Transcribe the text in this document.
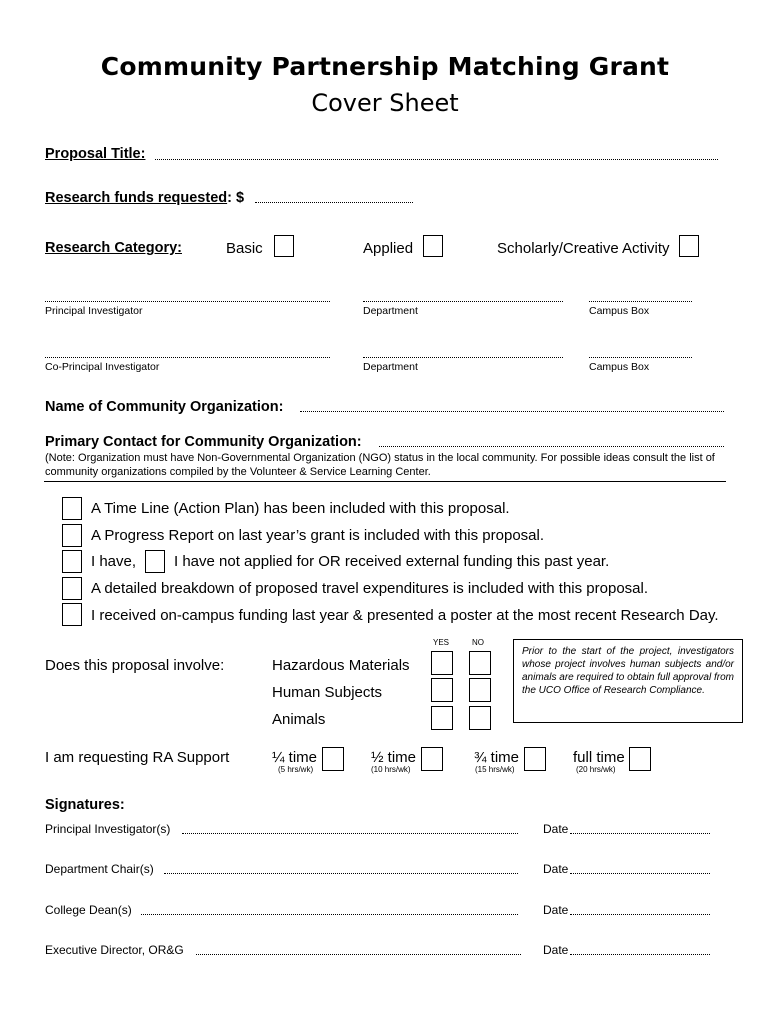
Community Partnership Matching Grant
Cover Sheet
Proposal Title:
Research funds requested: $
Research Category:	Basic	Applied	Scholarly/Creative Activity
Principal Investigator	Department	Campus Box
Co-Principal Investigator	Department	Campus Box
Name of Community Organization:
Primary Contact for Community Organization:
(Note: Organization must have Non-Governmental Organization (NGO) status in the local community. For possible ideas consult the list of community organizations compiled by the Volunteer & Service Learning Center.
A Time Line (Action Plan) has been included with this proposal.
A Progress Report on last year’s grant is included with this proposal.
I have,	I have not applied for OR received external funding this past year.
A detailed breakdown of proposed travel expenditures is included with this proposal.
I received on-campus funding last year & presented a poster at the most recent Research Day.
YES	NO
Does this proposal involve:	Hazardous Materials
Human Subjects
Animals
Prior to the start of the project, investigators whose project involves human subjects and/or animals are required to obtain full approval from the UCO Office of Research Compliance.
I am requesting RA Support	¼ time
(5 hrs/wk)
½ time
(10 hrs/wk)
¾ time
(15 hrs/wk)
full time
(20 hrs/wk)
Signatures:
Principal Investigator(s)	Date
Department Chair(s)	Date
College Dean(s)	Date
Executive Director, OR&G	Date
